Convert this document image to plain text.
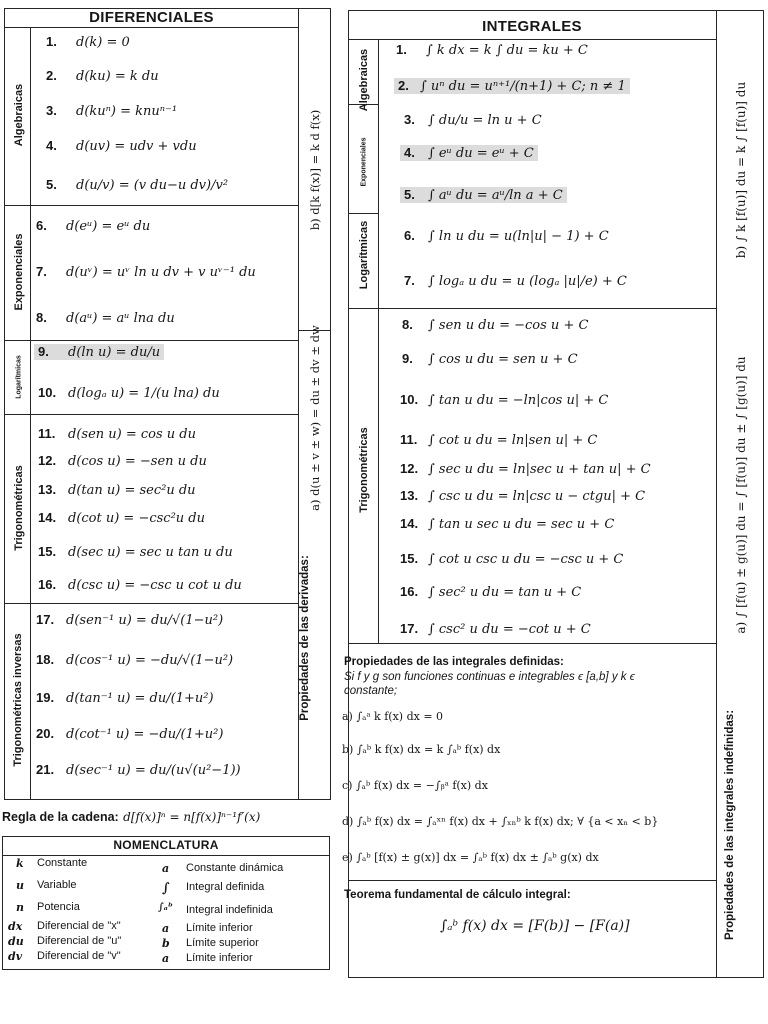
DIFERENCIALES
Algebraicas
Exponenciales
Logarítmicas
Trigonométricas
Trigonométricas inversas
1. d(k) = 0
2. d(ku) = k du
3. d(kuⁿ) = knuⁿ⁻¹
4. d(uv) = udv + vdu
5. d(u/v) = (v du−u dv)/v²
6. d(eᵘ) = eᵘ du
7. d(uᵛ) = uᵛ ln u dv + v uᵛ⁻¹ du
8. d(aᵘ) = aᵘ lna du
9. d(ln u) = du/u
10. d(logₐ u) = 1/(u lna) du
11. d(sen u) = cos u du
12. d(cos u) = −sen u du
13. d(tan u) = sec²u du
14. d(cot u) = −csc²u du
15. d(sec u) = sec u tan u du
16. d(csc u) = −csc u cot u du
17. d(sen⁻¹ u) = du/√(1−u²)
18. d(cos⁻¹ u) = −du/√(1−u²)
19. d(tan⁻¹ u) = du/(1+u²)
20. d(cot⁻¹ u) = −du/(1+u²)
21. d(sec⁻¹ u) = du/(u√(u²−1))
b) d[k f(x)] = k d f(x)
a) d(u ± v ± w) = du ± dv ± dw
Propiedades de las derivadas:
Regla de la cadena: d[f(x)]ⁿ = n[f(x)]ⁿ⁻¹f′(x)
NOMENCLATURA
k Constante
u Variable
n Potencia
dx Diferencial de "x"
du Diferencial de "u"
dv Diferencial de "v"
a Constante dinámica
∫ Integral definida
∫ₐᵇ Integral indefinida
a Límite inferior
b Límite superior
a Límite inferior
INTEGRALES
Algebraicas
Exponenciales
Logarítmicas
Trigonométricas
1. ∫ k dx = k ∫ du = ku + C
2. ∫ uⁿ du = uⁿ⁺¹/(n+1) + C; n ≠ 1
3. ∫ du/u = ln u + C
4. ∫ eᵘ du = eᵘ + C
5. ∫ aᵘ du = aᵘ/ln a + C
6. ∫ ln u du = u(ln|u| − 1) + C
7. ∫ logₐ u du = u (logₐ |u|/e) + C
8. ∫ sen u du = −cos u + C
9. ∫ cos u du = sen u + C
10. ∫ tan u du = −ln|cos u| + C
11. ∫ cot u du = ln|sen u| + C
12. ∫ sec u du = ln|sec u + tan u| + C
13. ∫ csc u du = ln|csc u − ctgu| + C
14. ∫ tan u sec u du = sec u + C
15. ∫ cot u csc u du = −csc u + C
16. ∫ sec² u du = tan u + C
17. ∫ csc² u du = −cot u + C
Propiedades de las integrales definidas:
Si f y g son funciones continuas e integrables ϵ [a,b] y k ϵ
constante;
a) ∫ₐᵃ k f(x) dx = 0
b) ∫ₐᵇ k f(x) dx = k ∫ₐᵇ f(x) dx
c) ∫ₐᵇ f(x) dx = −∫ᵦᵃ f(x) dx
d) ∫ₐᵇ f(x) dx = ∫ₐˣⁿ f(x) dx + ∫ₓₙᵇ k f(x) dx; ∀ {a < xₙ < b}
e) ∫ₐᵇ [f(x) ± g(x)] dx = ∫ₐᵇ f(x) dx ± ∫ₐᵇ g(x) dx
Teorema fundamental de cálculo integral:
∫ₐᵇ f(x) dx = [F(b)] − [F(a)]
b) ∫ k [f(u)] du = k ∫ [f(u)] du
a) ∫ [f(u) ± g(u)] du = ∫ [f(u)] du ± ∫ [g(u)] du
Propiedades de las integrales indefinidas:
